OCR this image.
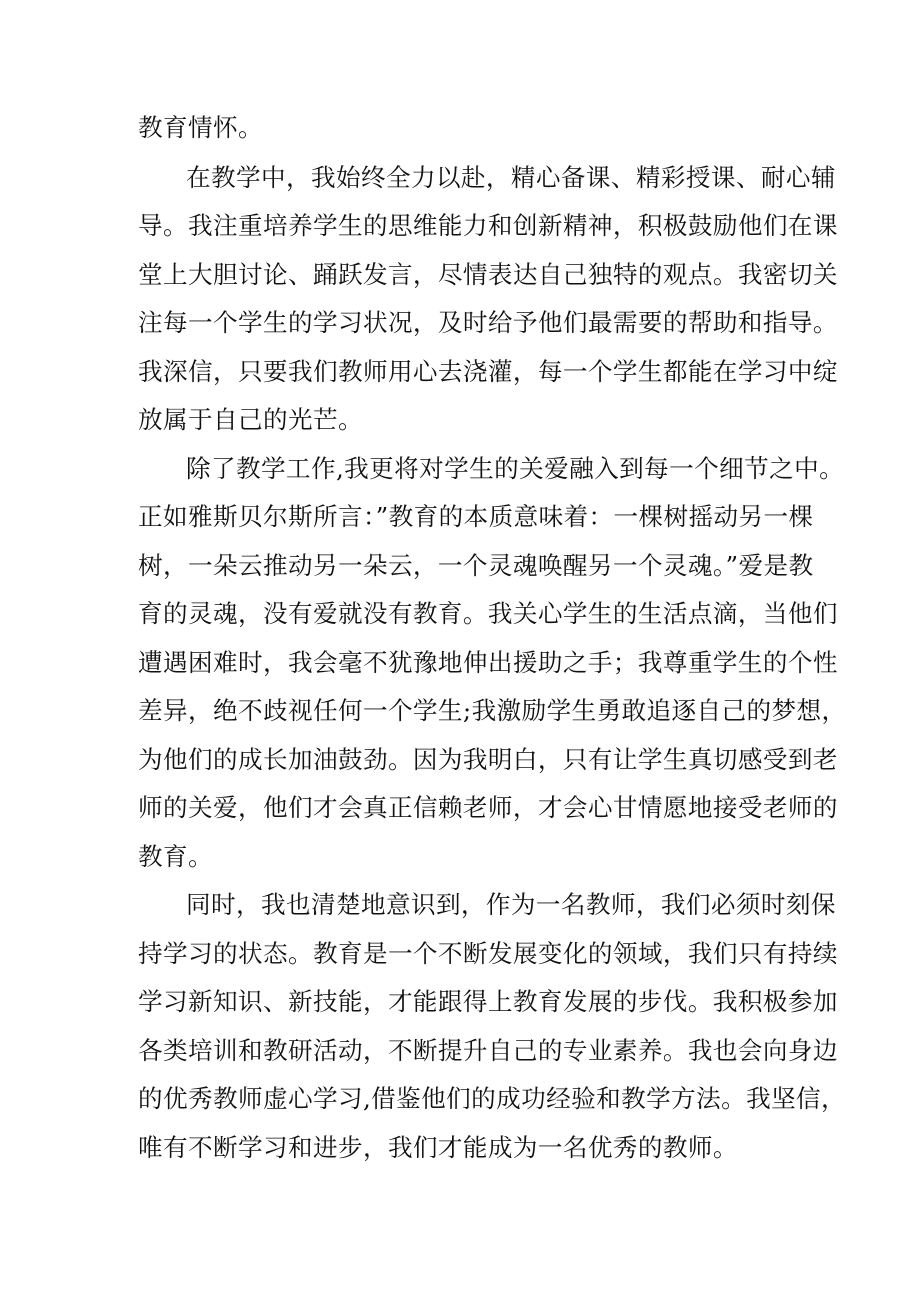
教育情怀。
在教学中，我始终全力以赴，精心备课、精彩授课、耐心辅
导。我注重培养学生的思维能力和创新精神，积极鼓励他们在课
堂上大胆讨论、踊跃发言，尽情表达自己独特的观点。我密切关
注每一个学生的学习状况，及时给予他们最需要的帮助和指导。
我深信，只要我们教师用心去浇灌，每一个学生都能在学习中绽
放属于自己的光芒。
除了教学工作,我更将对学生的关爱融入到每一个细节之中。
正如雅斯贝尔斯所言：”教育的本质意味着：一棵树摇动另一棵
树，一朵云推动另一朵云，一个灵魂唤醒另一个灵魂。”爱是教
育的灵魂，没有爱就没有教育。我关心学生的生活点滴，当他们
遭遇困难时，我会毫不犹豫地伸出援助之手；我尊重学生的个性
差异，绝不歧视任何一个学生;我激励学生勇敢追逐自己的梦想，
为他们的成长加油鼓劲。因为我明白，只有让学生真切感受到老
师的关爱，他们才会真正信赖老师，才会心甘情愿地接受老师的
教育。
同时，我也清楚地意识到，作为一名教师，我们必须时刻保
持学习的状态。教育是一个不断发展变化的领域，我们只有持续
学习新知识、新技能，才能跟得上教育发展的步伐。我积极参加
各类培训和教研活动，不断提升自己的专业素养。我也会向身边
的优秀教师虚心学习,借鉴他们的成功经验和教学方法。我坚信，
唯有不断学习和进步，我们才能成为一名优秀的教师。
